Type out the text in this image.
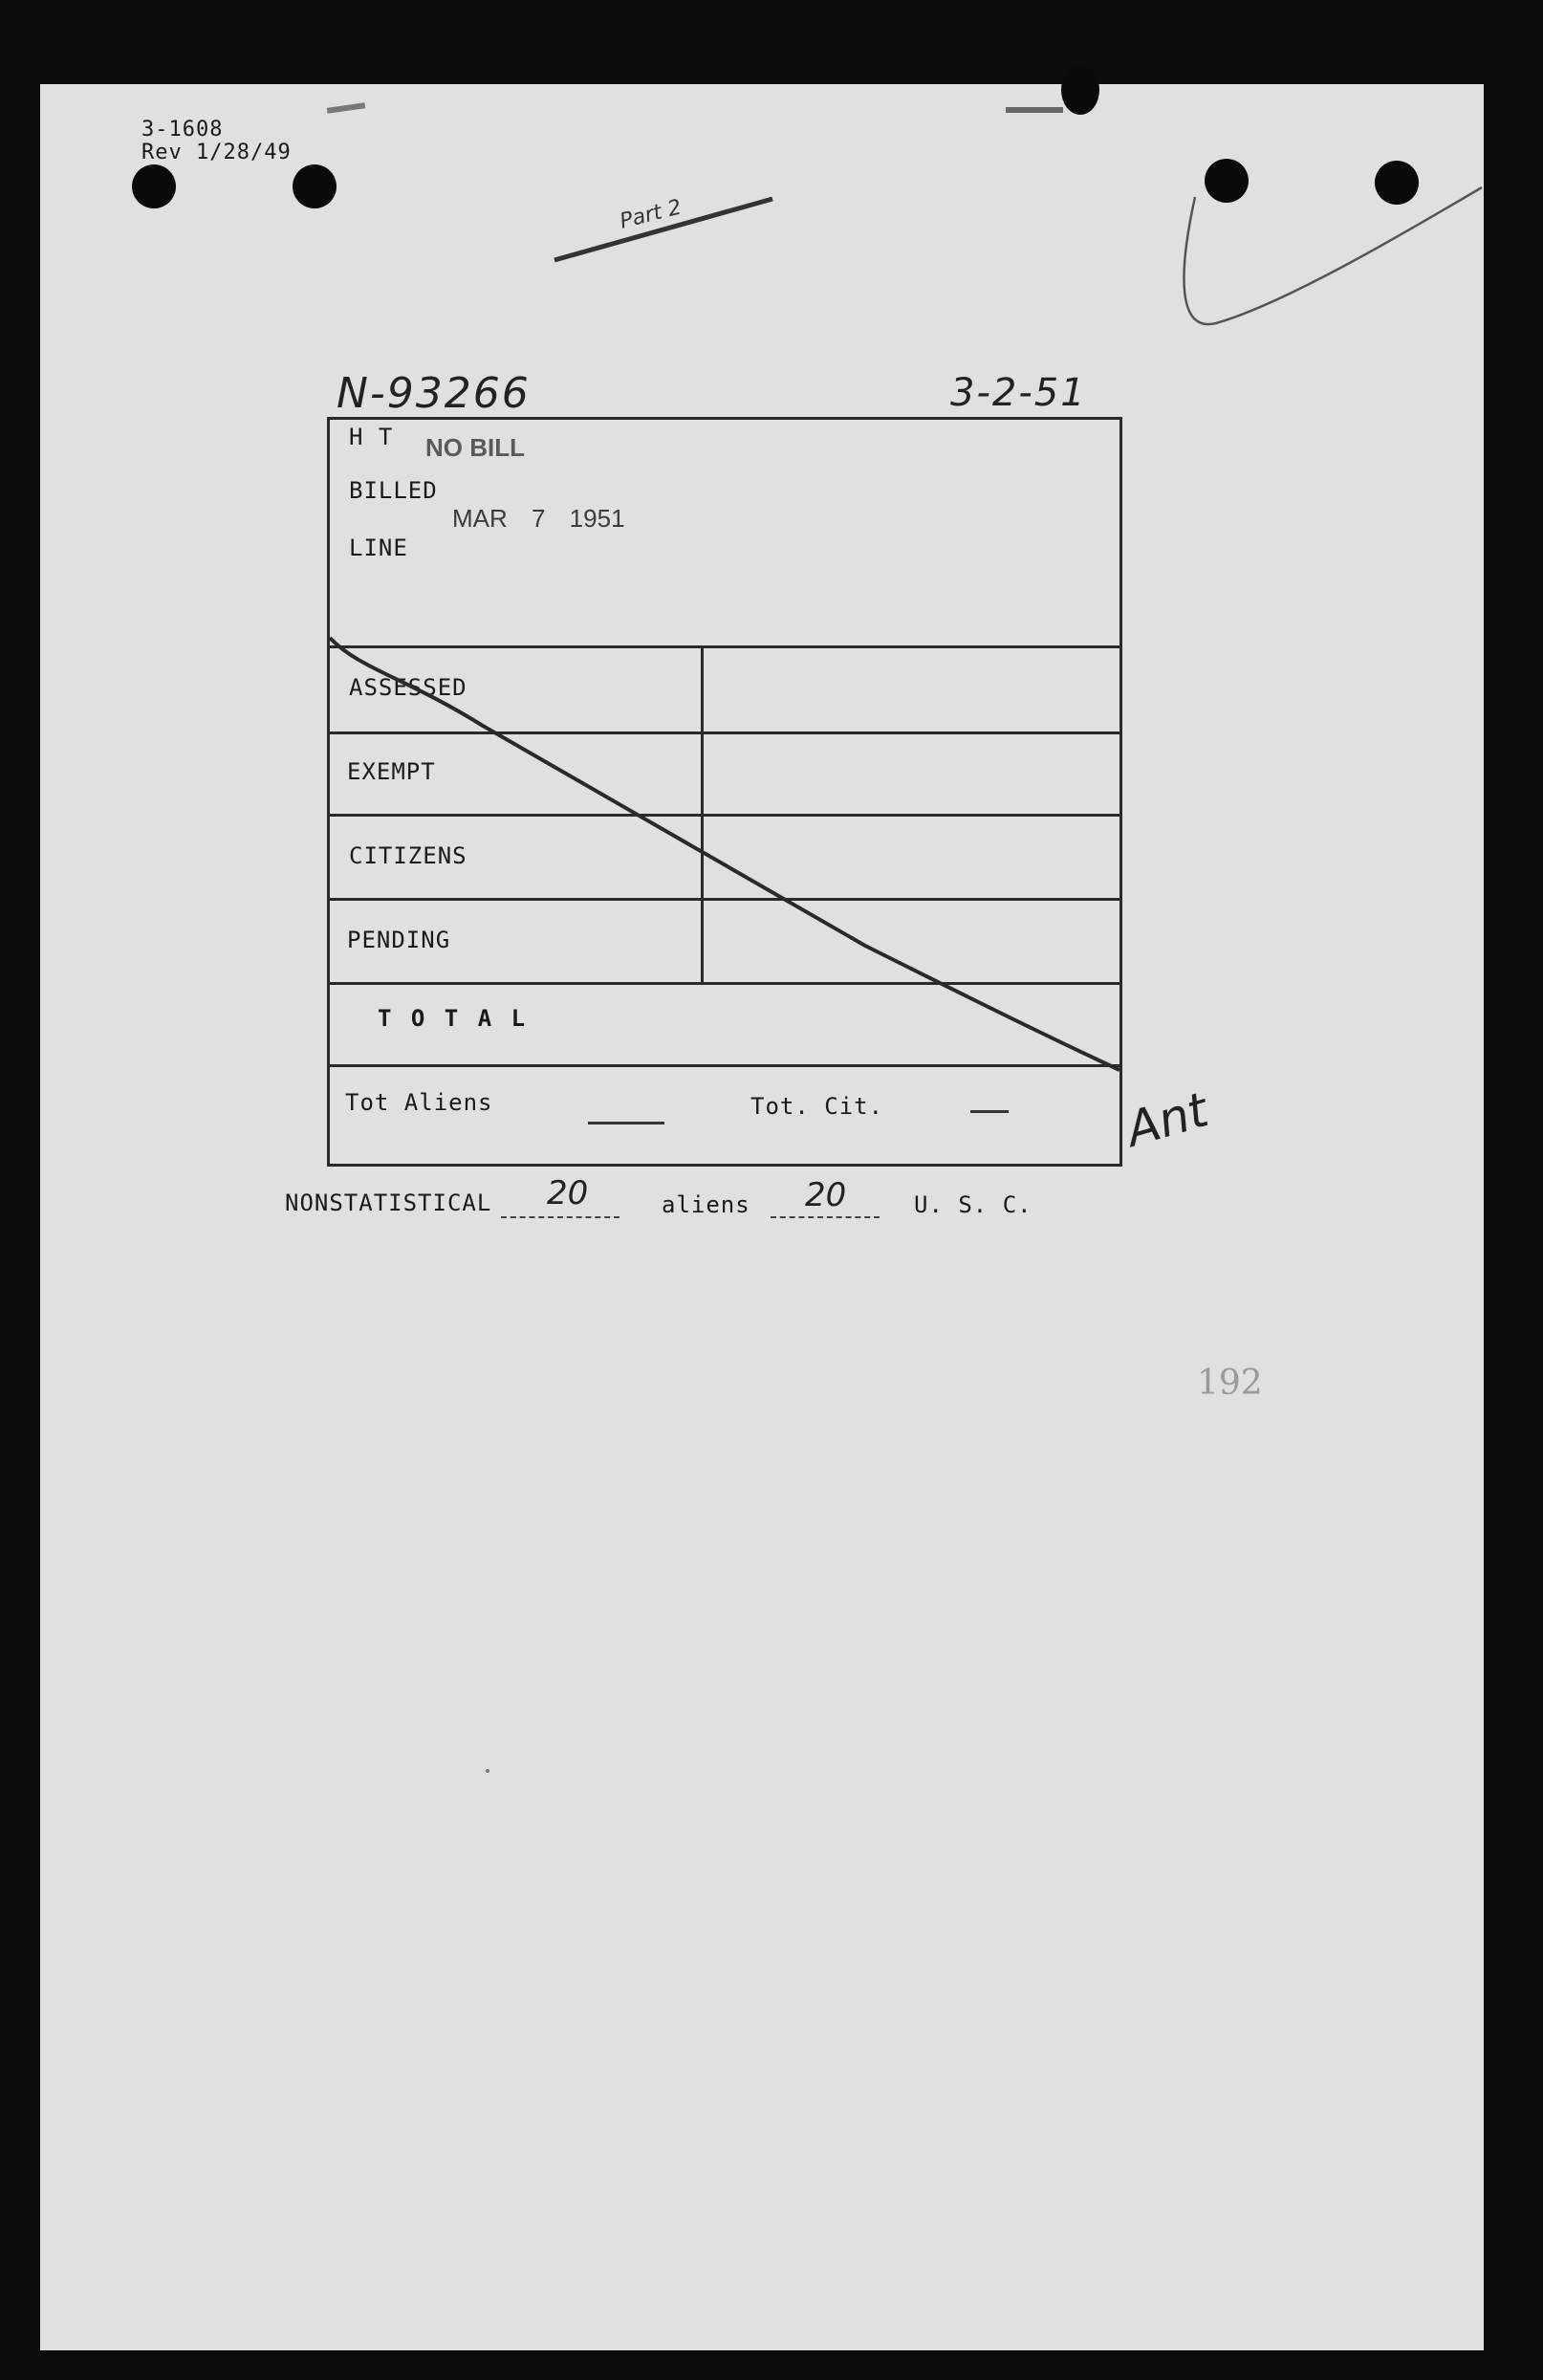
3-1608
Rev 1/28/49
Part 2
N-93266	3-2-51
H T NO BILL
BILLED
MAR 7 1951
LINE
ASSESSED
EXEMPT
CITIZENS
PENDING
T O T A L
Tot Aliens	Tot. Cit.	Ant
NONSTATISTICAL 20	aliens 20	U. S. C.
192
